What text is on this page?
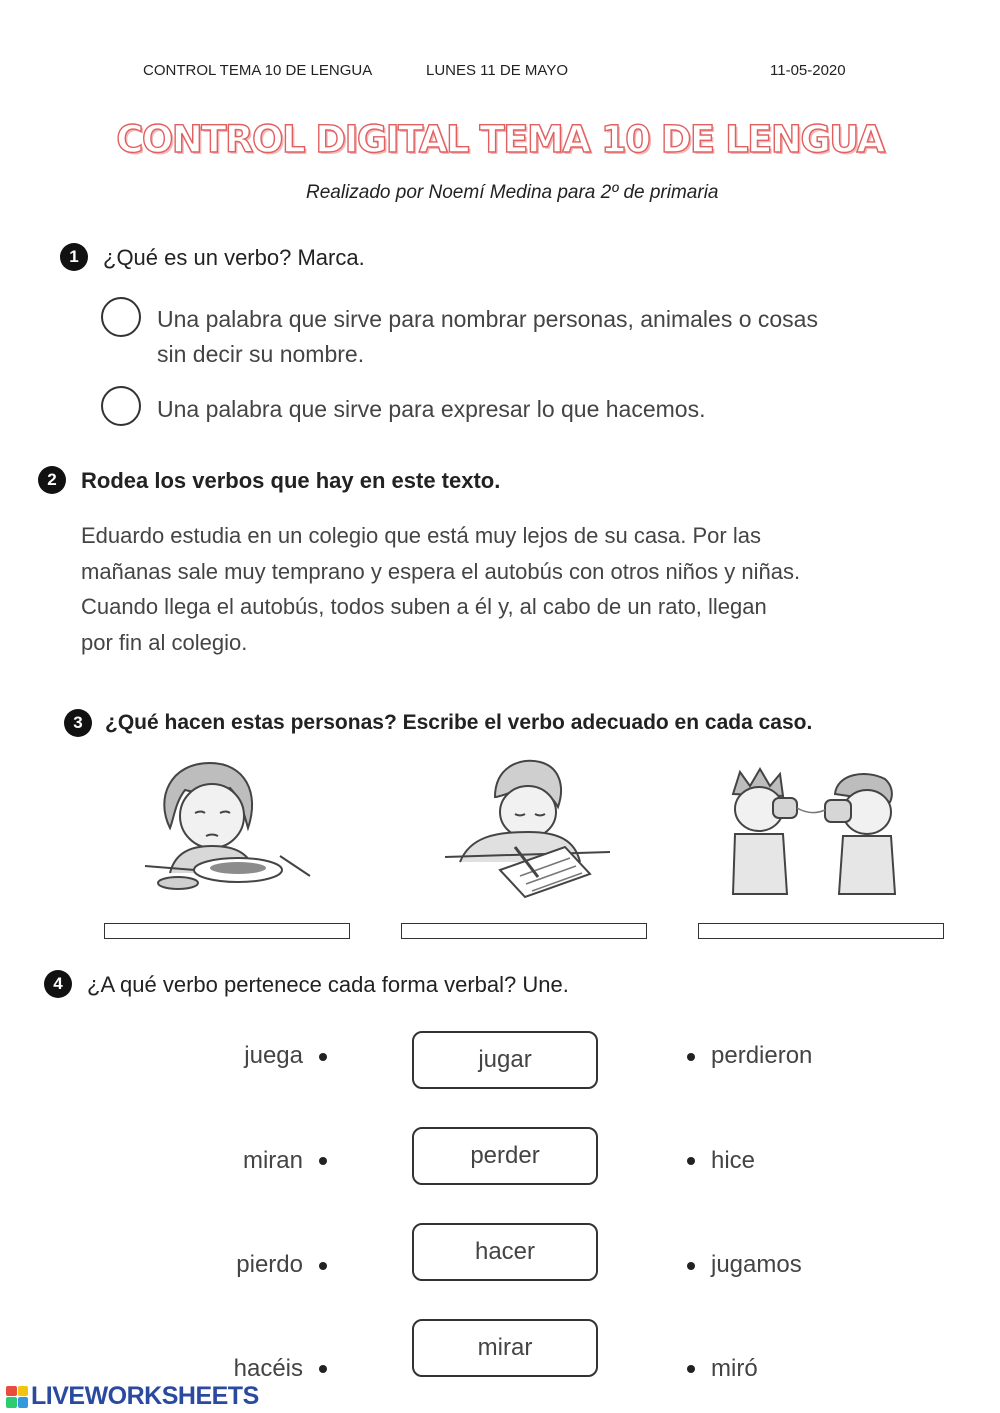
CONTROL TEMA 10 DE LENGUA	LUNES 11 DE MAYO	11-05-2020
CONTROL DIGITAL TEMA 10 DE LENGUA
Realizado por Noemí Medina para 2º de primaria
1	¿Qué es un verbo? Marca.
Una palabra que sirve para nombrar personas, animales o cosas
sin decir su nombre.
Una palabra que sirve para expresar lo que hacemos.
2	Rodea los verbos que hay en este texto.
Eduardo estudia en un colegio que está muy lejos de su casa. Por las
mañanas sale muy temprano y espera el autobús con otros niños y niñas.
Cuando llega el autobús, todos suben a él y, al cabo de un rato, llegan
por fin al colegio.
3	¿Qué hacen estas personas? Escribe el verbo adecuado en cada caso.
4	¿A qué verbo pertenece cada forma verbal? Une.
juega
miran
pierdo
hacéis
jugar
perder
hacer
mirar
perdieron
hice
jugamos
miró
LIVEWORKSHEETS
